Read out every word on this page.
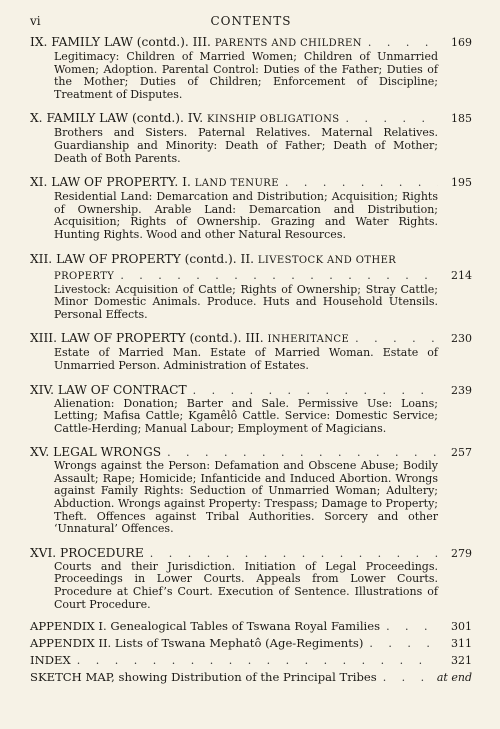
vi	CONTENTS
IX.
FAMILY LAW (contd.). III. PARENTS AND CHILDREN . . .	169
Legitimacy: Children of Married Women; Children of Unmarried Women; Adoption. Parental Control: Duties of the Father; Duties of the Mother; Duties of Children; Enforcement of Discipline; Treatment of Disputes.
X.
FAMILY LAW (contd.). IV. KINSHIP OBLIGATIONS . . .	185
Brothers and Sisters. Paternal Relatives. Maternal Relatives. Guardianship and Minority: Death of Father; Death of Mother; Death of Both Parents.
XI.
LAW OF PROPERTY. I. LAND TENURE . . .	195
Residential Land: Demarcation and Distribution; Acquisition; Rights of Ownership. Arable Land: Demarcation and Distribution; Acquisition; Rights of Ownership. Grazing and Water Rights. Hunting Rights. Wood and other Natural Resources.
XII.
LAW OF PROPERTY (contd.). II. LIVESTOCK AND OTHER
PROPERTY . . .	214
Livestock: Acquisition of Cattle; Rights of Ownership; Stray Cattle; Minor Domestic Animals. Produce. Huts and Household Utensils. Personal Effects.
XIII.
LAW OF PROPERTY (contd.). III. INHERITANCE . . .	230
Estate of Married Man. Estate of Married Woman. Estate of Unmarried Person. Administration of Estates.
XIV.
LAW OF CONTRACT . . .	239
Alienation: Donation; Barter and Sale. Permissive Use: Loans; Letting; Mafisa Cattle; Kgamêlô Cattle. Service: Domestic Service; Cattle-Herding; Manual Labour; Employment of Magicians.
XV.
LEGAL WRONGS . . .	257
Wrongs against the Person: Defamation and Obscene Abuse; Bodily Assault; Rape; Homicide; Infanticide and Induced Abortion. Wrongs against Family Rights: Seduction of Unmarried Woman; Adultery; Abduction. Wrongs against Property: Trespass; Damage to Property; Theft. Offences against Tribal Authorities. Sorcery and other ‘Unnatural’ Offences.
XVI.
PROCEDURE . . .	279
Courts and their Jurisdiction. Initiation of Legal Proceedings. Proceedings in Lower Courts. Appeals from Lower Courts. Procedure at Chief’s Court. Execution of Sentence. Illustrations of Court Procedure.
APPENDIX I. Genealogical Tables of Tswana Royal Families . . .	301
APPENDIX II. Lists of Tswana Mephatô (Age-Regiments) . . .	311
INDEX . . .	321
SKETCH MAP, showing Distribution of the Principal Tribes . . .	at end
